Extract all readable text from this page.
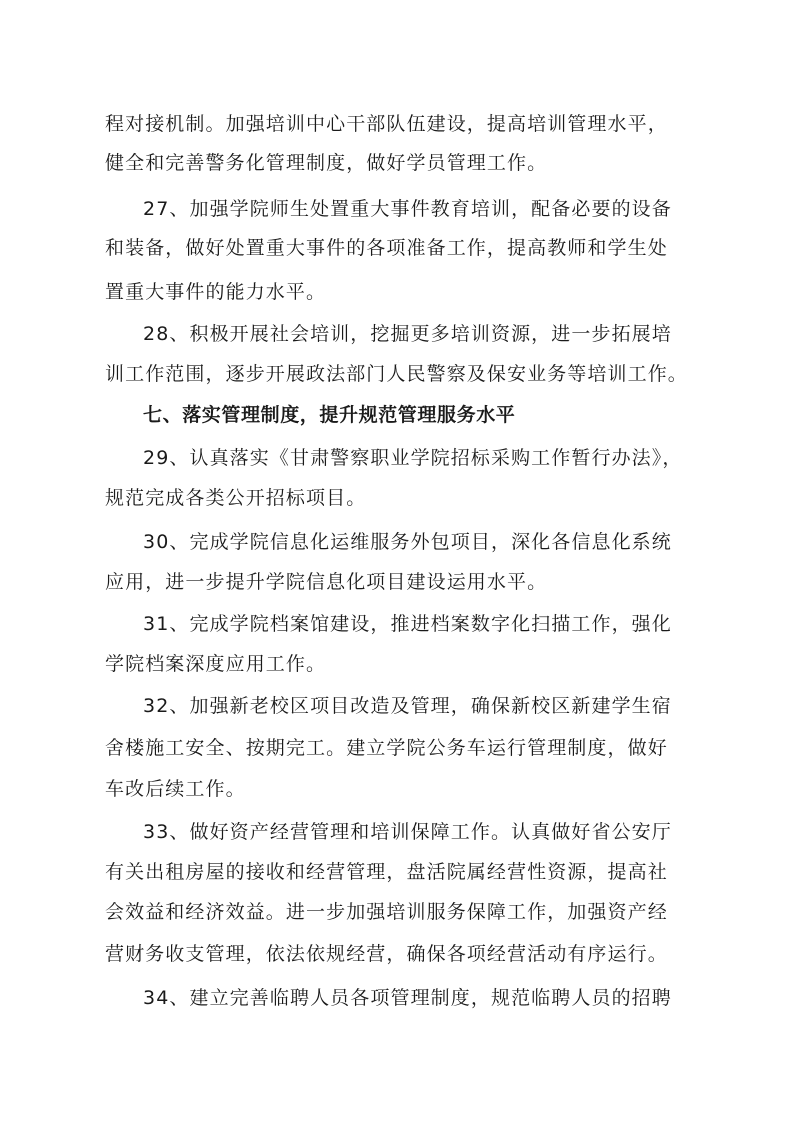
程对接机制。加强培训中心干部队伍建设，提高培训管理水平，
健全和完善警务化管理制度，做好学员管理工作。
27、加强学院师生处置重大事件教育培训，配备必要的设备
和装备，做好处置重大事件的各项准备工作，提高教师和学生处
置重大事件的能力水平。
28、积极开展社会培训，挖掘更多培训资源，进一步拓展培
训工作范围，逐步开展政法部门人民警察及保安业务等培训工作。
七、落实管理制度，提升规范管理服务水平
29、认真落实《甘肃警察职业学院招标采购工作暂行办法》，
规范完成各类公开招标项目。
30、完成学院信息化运维服务外包项目，深化各信息化系统
应用，进一步提升学院信息化项目建设运用水平。
31、完成学院档案馆建设，推进档案数字化扫描工作，强化
学院档案深度应用工作。
32、加强新老校区项目改造及管理，确保新校区新建学生宿
舍楼施工安全、按期完工。建立学院公务车运行管理制度，做好
车改后续工作。
33、做好资产经营管理和培训保障工作。认真做好省公安厅
有关出租房屋的接收和经营管理，盘活院属经营性资源，提高社
会效益和经济效益。进一步加强培训服务保障工作，加强资产经
营财务收支管理，依法依规经营，确保各项经营活动有序运行。
34、建立完善临聘人员各项管理制度，规范临聘人员的招聘
